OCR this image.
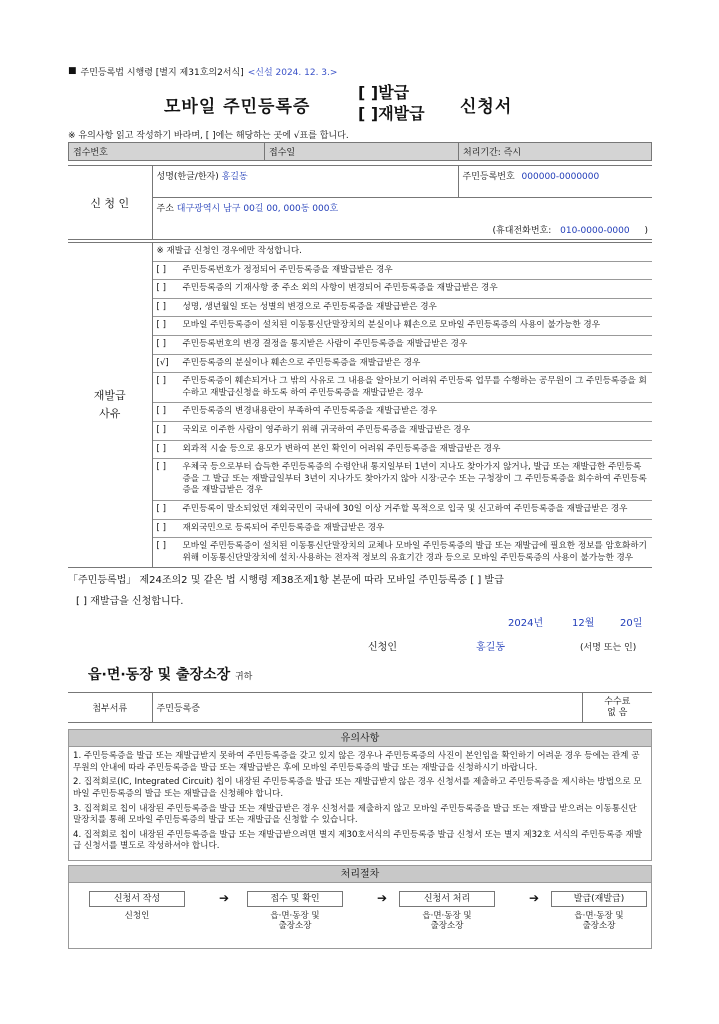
■ 주민등록법 시행령 [별지 제31호의2서식] <신설 2024. 12. 3.>
모바일 주민등록증
[ ]발급
[ ]재발급 신청서
※ 유의사항 읽고 작성하기 바라며, [ ]에는 해당하는 곳에 √표를 합니다.
접수번호	접수일	처리기간: 즉시
신 청 인	성명(한글/한자) 홍길동	주민등록번호 000000-0000000
주소 대구광역시 남구 00길 00, 000동 000호
(휴대전화번호: 010-0000-0000 )
재발급
사유

※ 재발급 신청인 경우에만 작성합니다.
[ ]	주민등록번호가 정정되어 주민등록증을 재발급받은 경우
[ ]	주민등록증의 기재사항 중 주소 외의 사항이 변경되어 주민등록증을 재발급받은 경우
[ ]	성명, 생년월일 또는 성별의 변경으로 주민등록증을 재발급받은 경우
[ ]	모바일 주민등록증이 설치된 이동통신단말장치의 분실이나 훼손으로 모바일 주민등록증의 사용이 불가능한 경우
[ ]	주민등록번호의 변경 결정을 통지받은 사람이 주민등록증을 재발급받은 경우
[√]	주민등록증의 분실이나 훼손으로 주민등록증을 재발급받은 경우
[ ]	주민등록증이 훼손되거나 그 밖의 사유로 그 내용을 알아보기 어려워 주민등록 업무를 수행하는 공무원이 그 주민등록증을 회수하고 재발급신청을 하도록 하여 주민등록증을 재발급받은 경우
[ ]	주민등록증의 변경내용란이 부족하여 주민등록증을 재발급받은 경우
[ ]	국외로 이주한 사람이 영주하기 위해 귀국하여 주민등록증을 재발급받은 경우
[ ]	외과적 시술 등으로 용모가 변하여 본인 확인이 어려워 주민등록증을 재발급받은 경우
[ ]	우체국 등으로부터 습득한 주민등록증의 수령안내 통지일부터 1년이 지나도 찾아가지 않거나, 발급 또는 재발급한 주민등록증을 그 발급 또는 재발급일부터 3년이 지나가도 찾아가지 않아 시장·군수 또는 구청장이 그 주민등록증을 회수하여 주민등록증을 재발급받은 경우
[ ]	주민등록이 말소되었던 재외국민이 국내에 30일 이상 거주할 목적으로 입국 및 신고하여 주민등록증을 재발급받은 경우
[ ]	재외국민으로 등록되어 주민등록증을 재발급받은 경우
[ ]	모바일 주민등록증이 설치된 이동통신단말장치의 교체나 모바일 주민등록증의 발급 또는 재발급에 필요한 정보를 암호화하기 위해 이동통신단말장치에 설치·사용하는 전자적 정보의 유효기간 경과 등으로 모바일 주민등록증의 사용이 불가능한 경우
「주민등록법」 제24조의2 및 같은 법 시행령 제38조제1항 본문에 따라 모바일 주민등록증 [ ] 발급
[ ] 재발급을 신청합니다.
2024년	12월	20일
신청인	홍길동	(서명 또는 인)
읍·면·동장 및 출장소장 귀하
첨부서류	주민등록증	
수수료
없 음
유의사항

1. 주민등록증을 발급 또는 재발급받지 못하여 주민등록증을 갖고 있지 않은 경우나 주민등록증의 사진이 본인임을 확인하기 어려운 경우 등에는 관계 공무원의 안내에 따라 주민등록증을 발급 또는 재발급받은 후에 모바일 주민등록증의 발급 또는 재발급을 신청하시기 바랍니다.

2. 집적회로(IC, Integrated Circuit) 칩이 내장된 주민등록증을 발급 또는 재발급받지 않은 경우 신청서를 제출하고 주민등록증을 제시하는 방법으로 모바일 주민등록증의 발급 또는 재발급을 신청해야 합니다.

3. 집적회로 칩이 내장된 주민등록증을 발급 또는 재발급받은 경우 신청서를 제출하지 않고 모바일 주민등록증을 발급 또는 재발급 받으려는 이동통신단말장치를 통해 모바일 주민등록증의 발급 또는 재발급을 신청할 수 있습니다.

4. 집적회로 칩이 내장된 주민등록증을 발급 또는 재발급받으려면 별지 제30호서식의 주민등록증 발급 신청서 또는 별지 제32호 서식의 주민등록증 재발급 신청서를 별도로 작성하셔야 합니다.

처리절차
신청서 작성
신청인
➔	접수 및 확인
읍·면·동장 및
출장소장
➔	신청서 처리
읍·면·동장 및
출장소장
➔	발급(재발급)
읍·면·동장 및
출장소장
